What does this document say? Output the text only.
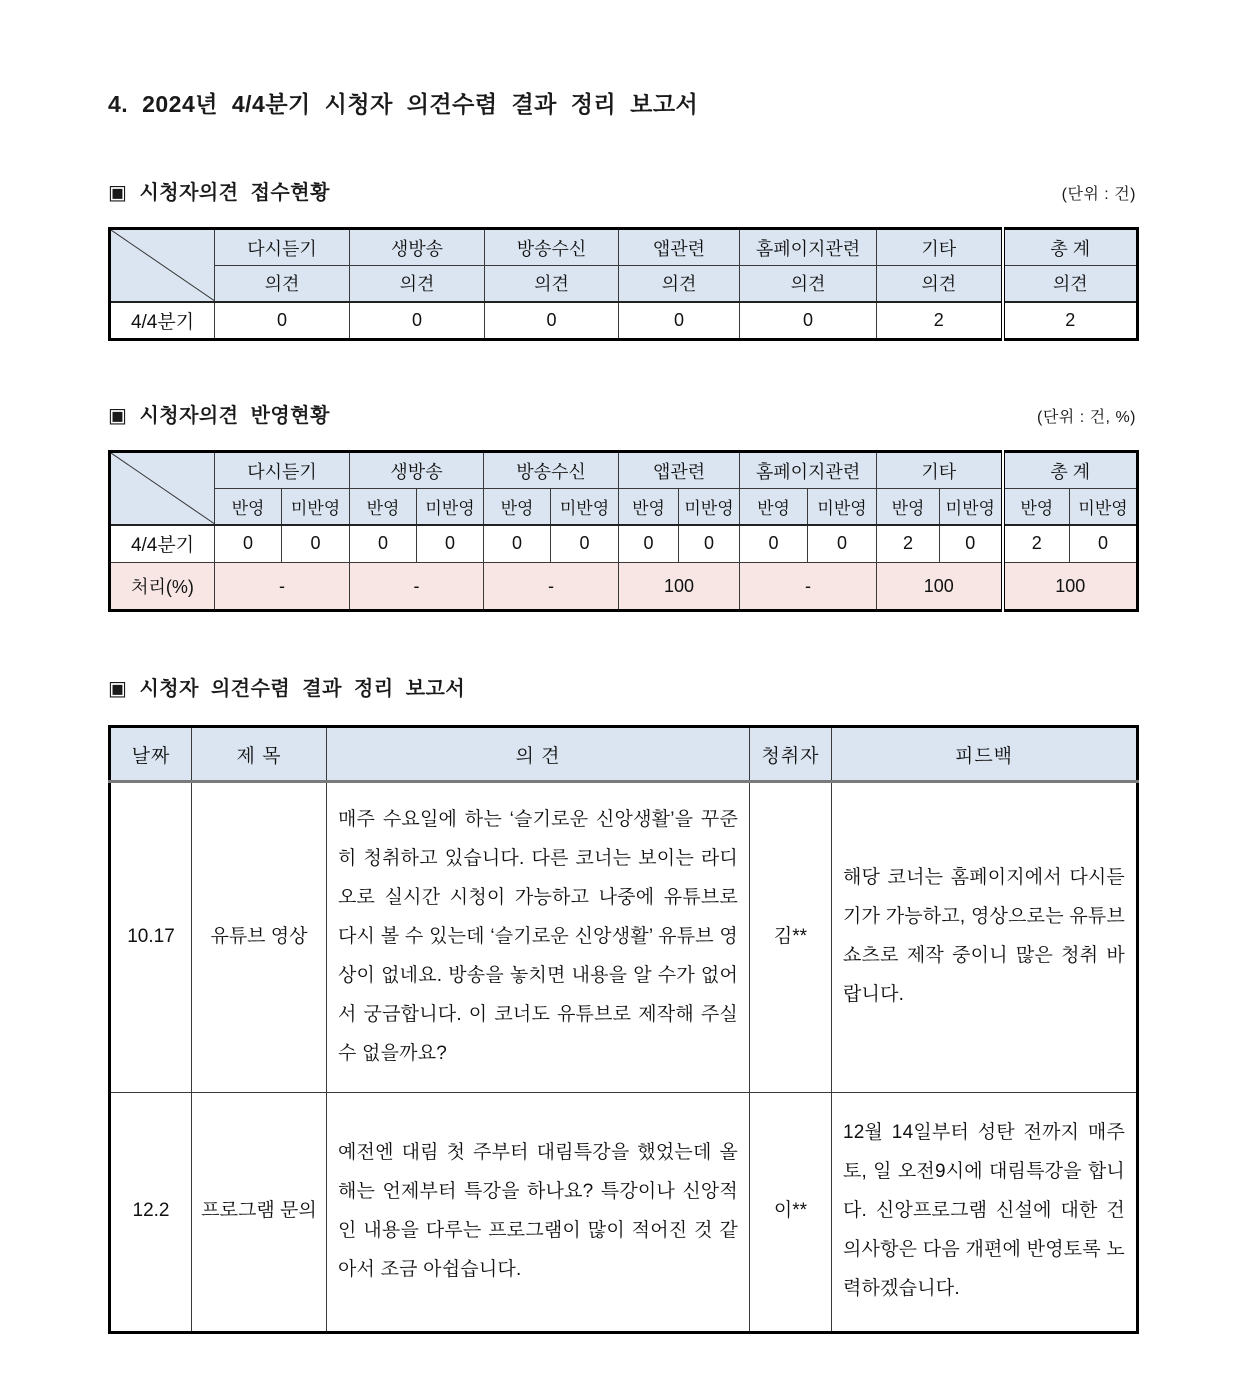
4. 2024년 4/4분기 시청자 의견수렴 결과 정리 보고서
▣ 시청자의견 접수현황	(단위 : 건)
	다시듣기	생방송	방송수신	앱관련	홈페이지관련	기타	총 계
	의견	의견	의견	의견	의견	의견	의견
4/4분기	0	0	0	0	0	2	2
▣ 시청자의견 반영현황	(단위 : 건, %)
	다시듣기		생방송		방송수신		앱관련		홈페이지관련		기타		총 계	
	반영	미반영	반영	미반영	반영	미반영	반영	미반영	반영	미반영	반영	미반영	반영	미반영
4/4분기	0	0	0	0	0	0	0	0	0	0	2	0	2	0
처리(%)	-		-		-		100		-		100		100	
▣ 시청자 의견수렴 결과 정리 보고서
날짜	제 목	의 견	청취자	피드백
10.17	유튜브 영상	매주 수요일에 하는 ‘슬기로운 신앙생활’을 꾸준히 청취하고 있습니다. 다른 코너는 보이는 라디오로 실시간 시청이 가능하고 나중에 유튜브로 다시 볼 수 있는데 ‘슬기로운 신앙생활’ 유튜브 영상이 없네요. 방송을 놓치면 내용을 알 수가 없어서 궁금합니다. 이 코너도 유튜브로 제작해 주실 수 없을까요?	김**	해당 코너는 홈페이지에서 다시듣기가 가능하고, 영상으로는 유튜브 쇼츠로 제작 중이니 많은 청취 바랍니다.
12.2	프로그램 문의	예전엔 대림 첫 주부터 대림특강을 했었는데 올해는 언제부터 특강을 하나요? 특강이나 신앙적인 내용을 다루는 프로그램이 많이 적어진 것 같아서 조금 아쉽습니다.	이**	12월 14일부터 성탄 전까지 매주 토, 일 오전9시에 대림특강을 합니다. 신앙프로그램 신설에 대한 건의사항은 다음 개편에 반영토록 노력하겠습니다.
